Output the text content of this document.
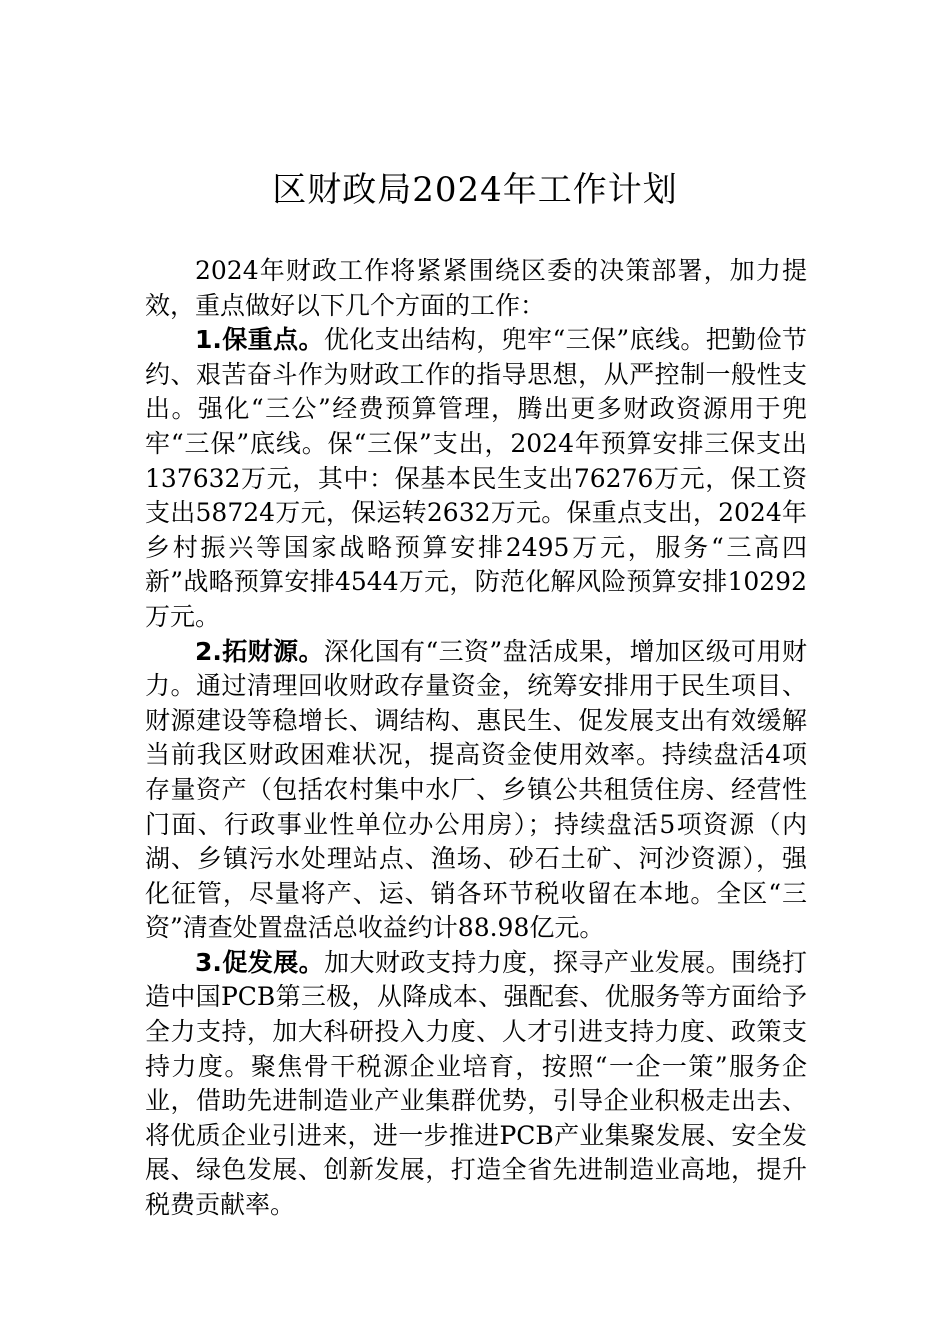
区财政局2024年工作计划

2024年财政工作将紧紧围绕区委的决策部署，加力提效，重点做好以下几个方面的工作：

1.保重点。优化支出结构，兜牢“三保”底线。把勤俭节约、艰苦奋斗作为财政工作的指导思想，从严控制一般性支出。强化“三公”经费预算管理，腾出更多财政资源用于兜牢“三保”底线。保“三保”支出，2024年预算安排三保支出137632万元，其中：保基本民生支出76276万元，保工资支出58724万元，保运转2632万元。保重点支出，2024年乡村振兴等国家战略预算安排2495万元，服务“三高四新”战略预算安排4544万元，防范化解风险预算安排10292万元。

2.拓财源。深化国有“三资”盘活成果，增加区级可用财力。通过清理回收财政存量资金，统筹安排用于民生项目、财源建设等稳增长、调结构、惠民生、促发展支出有效缓解当前我区财政困难状况，提高资金使用效率。持续盘活4项存量资产（包括农村集中水厂、乡镇公共租赁住房、经营性门面、行政事业性单位办公用房）；持续盘活5项资源（内湖、乡镇污水处理站点、渔场、砂石土矿、河沙资源），强化征管，尽量将产、运、销各环节税收留在本地。全区“三资”清查处置盘活总收益约计88.98亿元。

3.促发展。加大财政支持力度，探寻产业发展。围绕打造中国PCB第三极，从降成本、强配套、优服务等方面给予全力支持，加大科研投入力度、人才引进支持力度、政策支持力度。聚焦骨干税源企业培育，按照“一企一策”服务企业，借助先进制造业产业集群优势，引导企业积极走出去、将优质企业引进来，进一步推进PCB产业集聚发展、安全发展、绿色发展、创新发展，打造全省先进制造业高地，提升税费贡献率。
